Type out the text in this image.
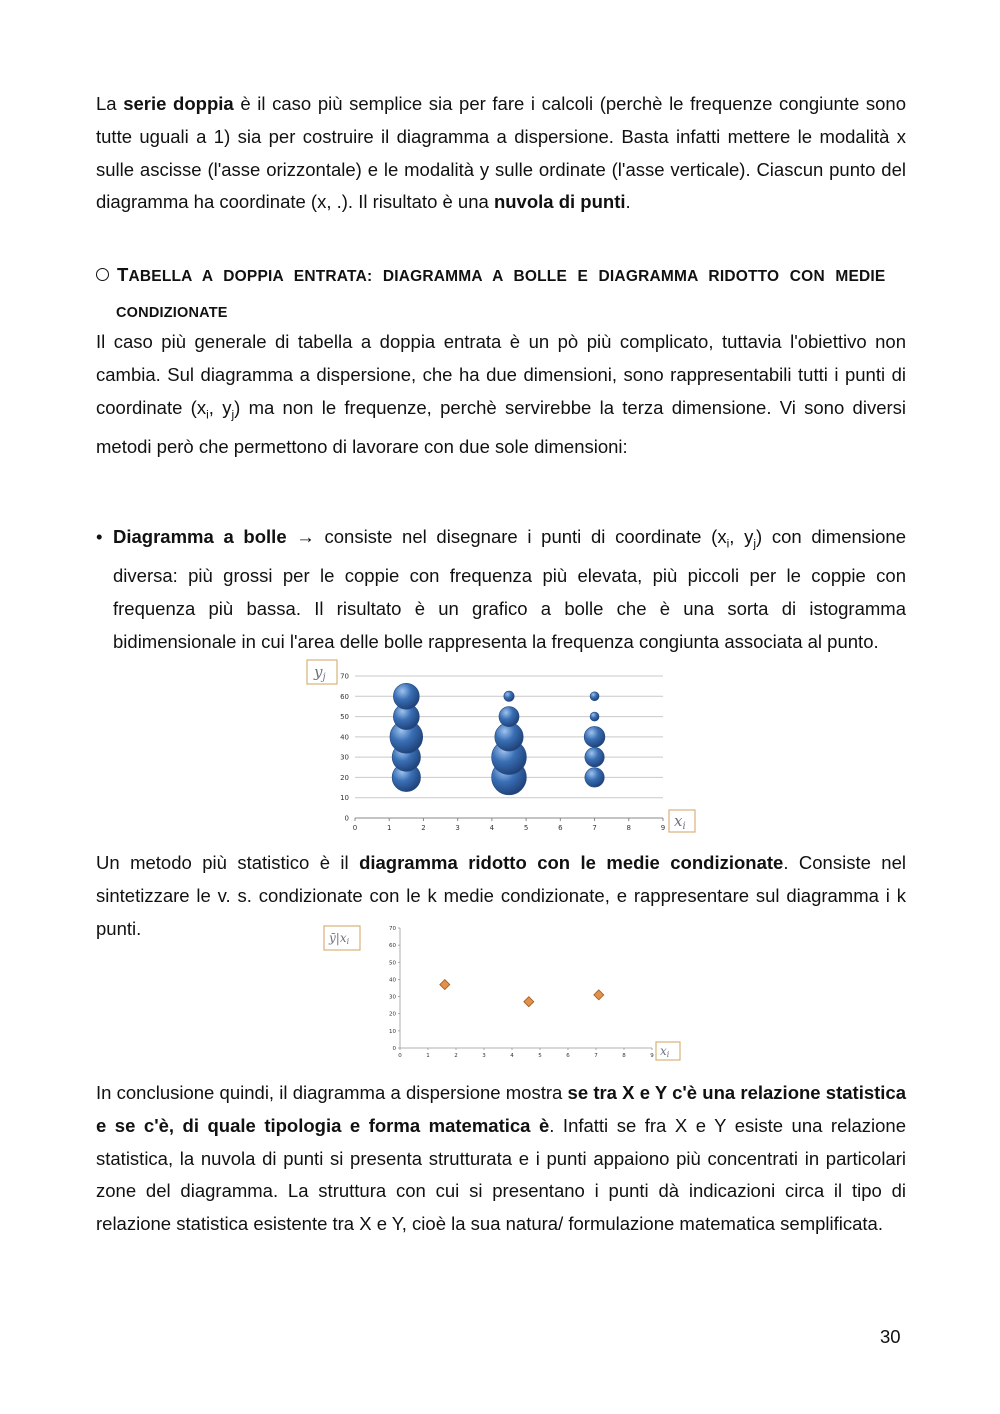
La serie doppia è il caso più semplice sia per fare i calcoli (perchè le frequenze congiunte sono tutte uguali a 1) sia per costruire il diagramma a dispersione. Basta infatti mettere le modalità x sulle ascisse (l'asse orizzontale) e le modalità y sulle ordinate (l'asse verticale). Ciascun punto del diagramma ha coordinate (x, .). Il risultato è una nuvola di punti.

TABELLA A DOPPIA ENTRATA: DIAGRAMMA A BOLLE E DIAGRAMMA RIDOTTO CON MEDIE
CONDIZIONATE

Il caso più generale di tabella a doppia entrata è un pò più complicato, tuttavia l'obiettivo non cambia. Sul diagramma a dispersione, che ha due dimensioni, sono rappresentabili tutti i punti di coordinate ($x_i$, $y_j$) ma non le frequenze, perchè servirebbe la terza dimensione. Vi sono diversi metodi però che permettono di lavorare con due sole dimensioni:

• Diagramma a bolle → consiste nel disegnare i punti di coordinate ($x_i$, $y_j$) con dimensione diversa: più grossi per le coppie con frequenza più elevata, più piccoli per le coppie con frequenza più bassa. Il risultato è un grafico a bolle che è una sorta di istogramma bidimensionale in cui l'area delle bolle rappresenta la frequenza congiunta associata al punto.
0
10
20
30
40
50
60
70
0	1	2	3	4	5	6	7	8	9
$y_j$
$x_i$

Un metodo più statistico è il diagramma ridotto con le medie condizionate. Consiste nel sintetizzare le v. s. condizionate con le k medie condizionate, e rappresentare sul diagramma i k punti.

0
10
20
30
40
50
60
70
0	1	2	3	4	5	6	7	8	9
ȳ|xi
xi

In conclusione quindi, il diagramma a dispersione mostra se tra X e Y c'è una relazione statistica e se c'è, di quale tipologia e forma matematica è. Infatti se fra X e Y esiste una relazione statistica, la nuvola di punti si presenta strutturata e i punti appaiono più concentrati in particolari zone del diagramma. La struttura con cui si presentano i punti dà indicazioni circa il tipo di relazione statistica esistente tra X e Y, cioè la sua natura/ formulazione matematica semplificata.

30
